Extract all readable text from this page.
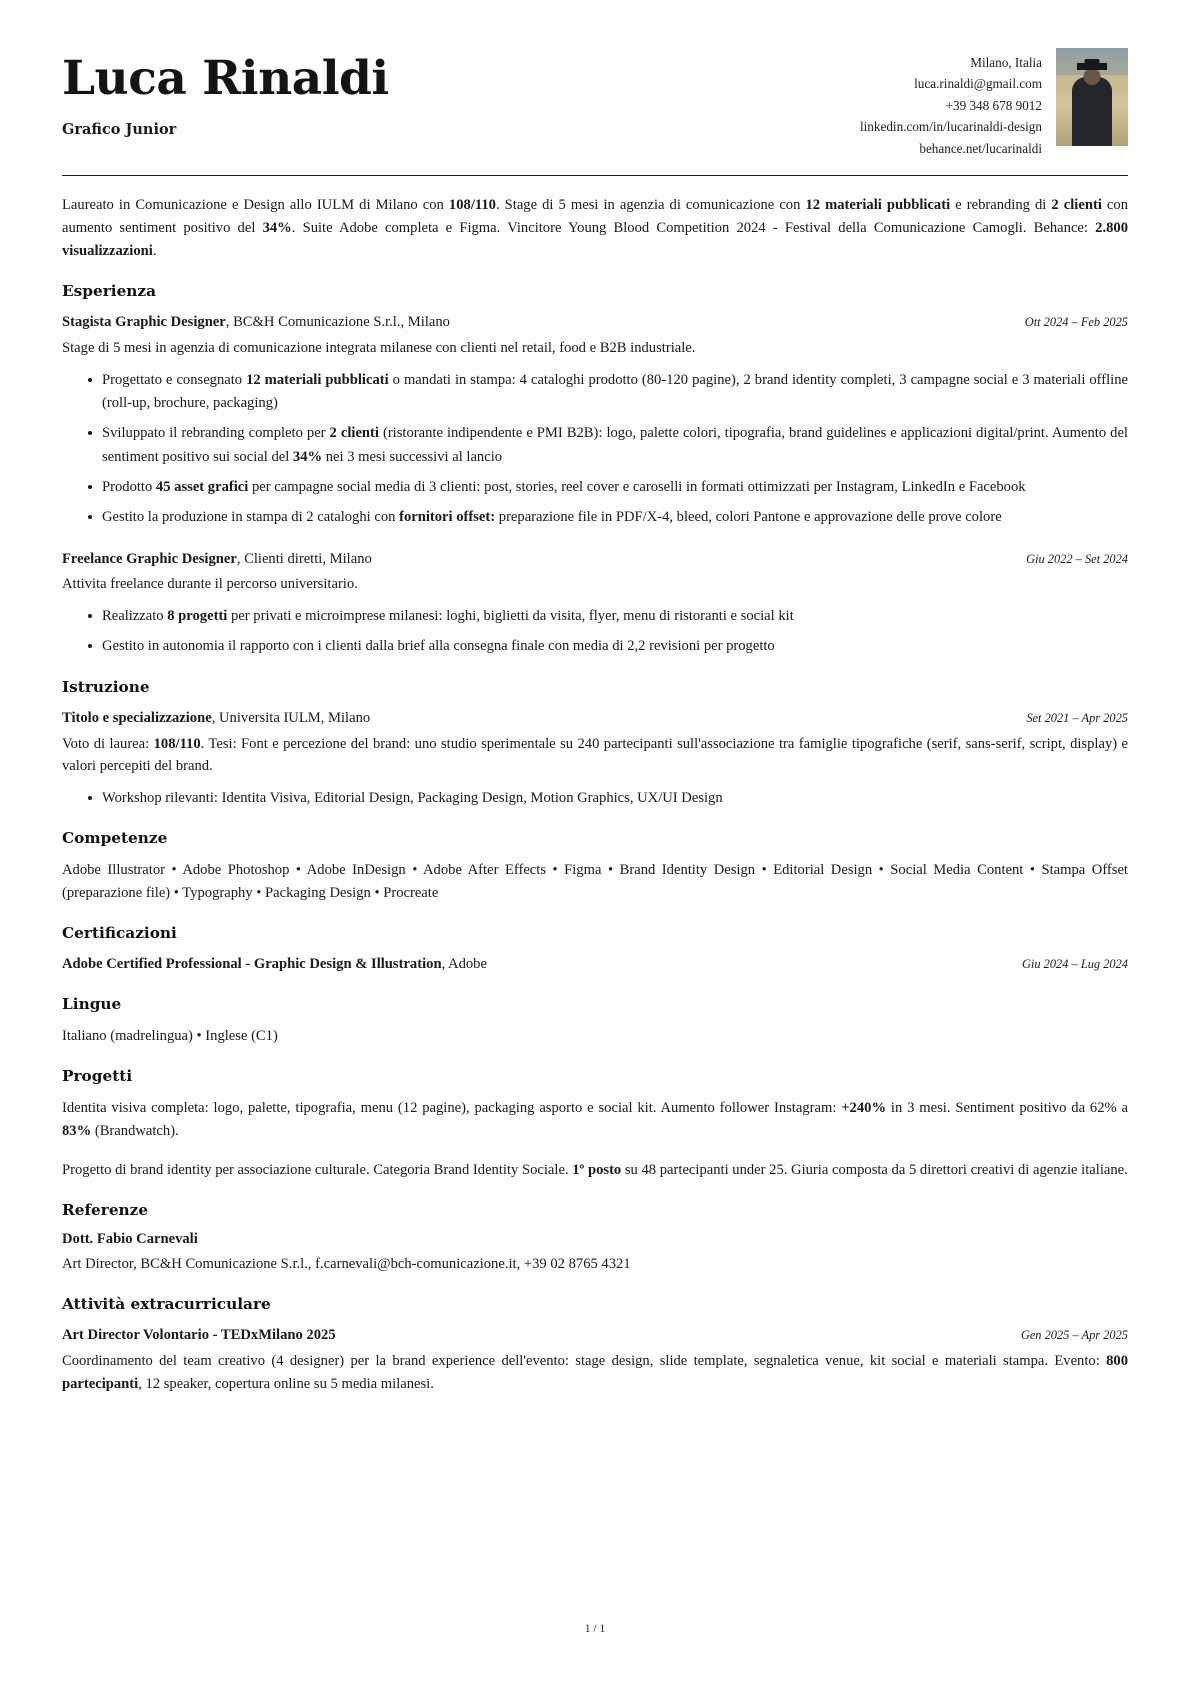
Luca Rinaldi
Grafico Junior
Milano, Italia
luca.rinaldi@gmail.com
+39 348 678 9012
linkedin.com/in/lucarinaldi-design
behance.net/lucarinaldi
Laureato in Comunicazione e Design allo IULM di Milano con 108/110. Stage di 5 mesi in agenzia di comunicazione con 12 materiali pubblicati e rebranding di 2 clienti con aumento sentiment positivo del 34%. Suite Adobe completa e Figma. Vincitore Young Blood Competition 2024 - Festival della Comunicazione Camogli. Behance: 2.800 visualizzazioni.
Esperienza
Stagista Graphic Designer, BC&H Comunicazione S.r.l., Milano	Ott 2024 – Feb 2025
Stage di 5 mesi in agenzia di comunicazione integrata milanese con clienti nel retail, food e B2B industriale.
Progettato e consegnato 12 materiali pubblicati o mandati in stampa: 4 cataloghi prodotto (80-120 pagine), 2 brand identity completi, 3 campagne social e 3 materiali offline (roll-up, brochure, packaging)
Sviluppato il rebranding completo per 2 clienti (ristorante indipendente e PMI B2B): logo, palette colori, tipografia, brand guidelines e applicazioni digital/print. Aumento del sentiment positivo sui social del 34% nei 3 mesi successivi al lancio
Prodotto 45 asset grafici per campagne social media di 3 clienti: post, stories, reel cover e caroselli in formati ottimizzati per Instagram, LinkedIn e Facebook
Gestito la produzione in stampa di 2 cataloghi con fornitori offset: preparazione file in PDF/X-4, bleed, colori Pantone e approvazione delle prove colore
Freelance Graphic Designer, Clienti diretti, Milano	Giu 2022 – Set 2024
Attivita freelance durante il percorso universitario.
Realizzato 8 progetti per privati e microimprese milanesi: loghi, biglietti da visita, flyer, menu di ristoranti e social kit
Gestito in autonomia il rapporto con i clienti dalla brief alla consegna finale con media di 2,2 revisioni per progetto
Istruzione
Titolo e specializzazione, Universita IULM, Milano	Set 2021 – Apr 2025
Voto di laurea: 108/110. Tesi: Font e percezione del brand: uno studio sperimentale su 240 partecipanti sull'associazione tra famiglie tipografiche (serif, sans-serif, script, display) e valori percepiti del brand.
Workshop rilevanti: Identita Visiva, Editorial Design, Packaging Design, Motion Graphics, UX/UI Design
Competenze
Adobe Illustrator • Adobe Photoshop • Adobe InDesign • Adobe After Effects • Figma • Brand Identity Design • Editorial Design • Social Media Content • Stampa Offset (preparazione file) • Typography • Packaging Design • Procreate
Certificazioni
Adobe Certified Professional - Graphic Design & Illustration, Adobe	Giu 2024 – Lug 2024
Lingue
Italiano (madrelingua) • Inglese (C1)
Progetti
Identita visiva completa: logo, palette, tipografia, menu (12 pagine), packaging asporto e social kit. Aumento follower Instagram: +240% in 3 mesi. Sentiment positivo da 62% a 83% (Brandwatch).
Progetto di brand identity per associazione culturale. Categoria Brand Identity Sociale. 1º posto su 48 partecipanti under 25. Giuria composta da 5 direttori creativi di agenzie italiane.
Referenze
Dott. Fabio Carnevali
Art Director, BC&H Comunicazione S.r.l., f.carnevali@bch-comunicazione.it, +39 02 8765 4321
Attività extracurriculare
Art Director Volontario - TEDxMilano 2025	Gen 2025 – Apr 2025
Coordinamento del team creativo (4 designer) per la brand experience dell'evento: stage design, slide template, segnaletica venue, kit social e materiali stampa. Evento: 800 partecipanti, 12 speaker, copertura online su 5 media milanesi.
1 / 1
